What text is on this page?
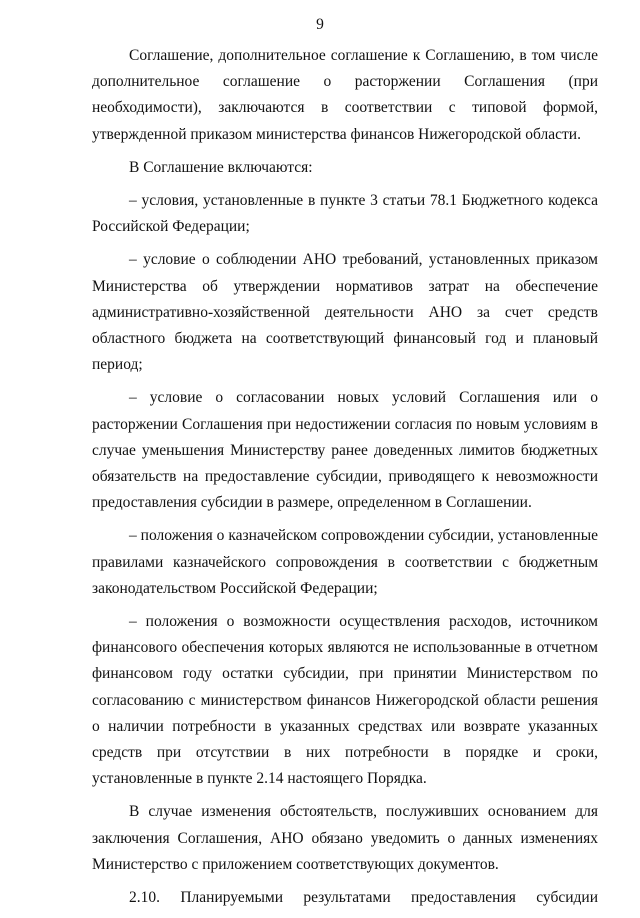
9

Соглашение, дополнительное соглашение к Соглашению, в том числе дополнительное соглашение о расторжении Соглашения (при необходимости), заключаются в соответствии с типовой формой, утвержденной приказом министерства финансов Нижегородской области.

В Соглашение включаются:

– условия, установленные в пункте 3 статьи 78.1 Бюджетного кодекса Российской Федерации;

– условие о соблюдении АНО требований, установленных приказом Министерства об утверждении нормативов затрат на обеспечение административно-хозяйственной деятельности АНО за счет средств областного бюджета на соответствующий финансовый год и плановый период;

– условие о согласовании новых условий Соглашения или о расторжении Соглашения при недостижении согласия по новым условиям в случае уменьшения Министерству ранее доведенных лимитов бюджетных обязательств на предоставление субсидии, приводящего к невозможности предоставления субсидии в размере, определенном в Соглашении.

– положения о казначейском сопровождении субсидии, установленные правилами казначейского сопровождения в соответствии с бюджетным законодательством Российской Федерации;

– положения о возможности осуществления расходов, источником финансового обеспечения которых являются не использованные в отчетном финансовом году остатки субсидии, при принятии Министерством по согласованию с министерством финансов Нижегородской области решения о наличии потребности в указанных средствах или возврате указанных средств при отсутствии в них потребности в порядке и сроки, установленные в пункте 2.14 настоящего Порядка.

В случае изменения обстоятельств, послуживших основанием для заключения Соглашения, АНО обязано уведомить о данных изменениях Министерство с приложением соответствующих документов.

2.10. Планируемыми результатами предоставления субсидии
